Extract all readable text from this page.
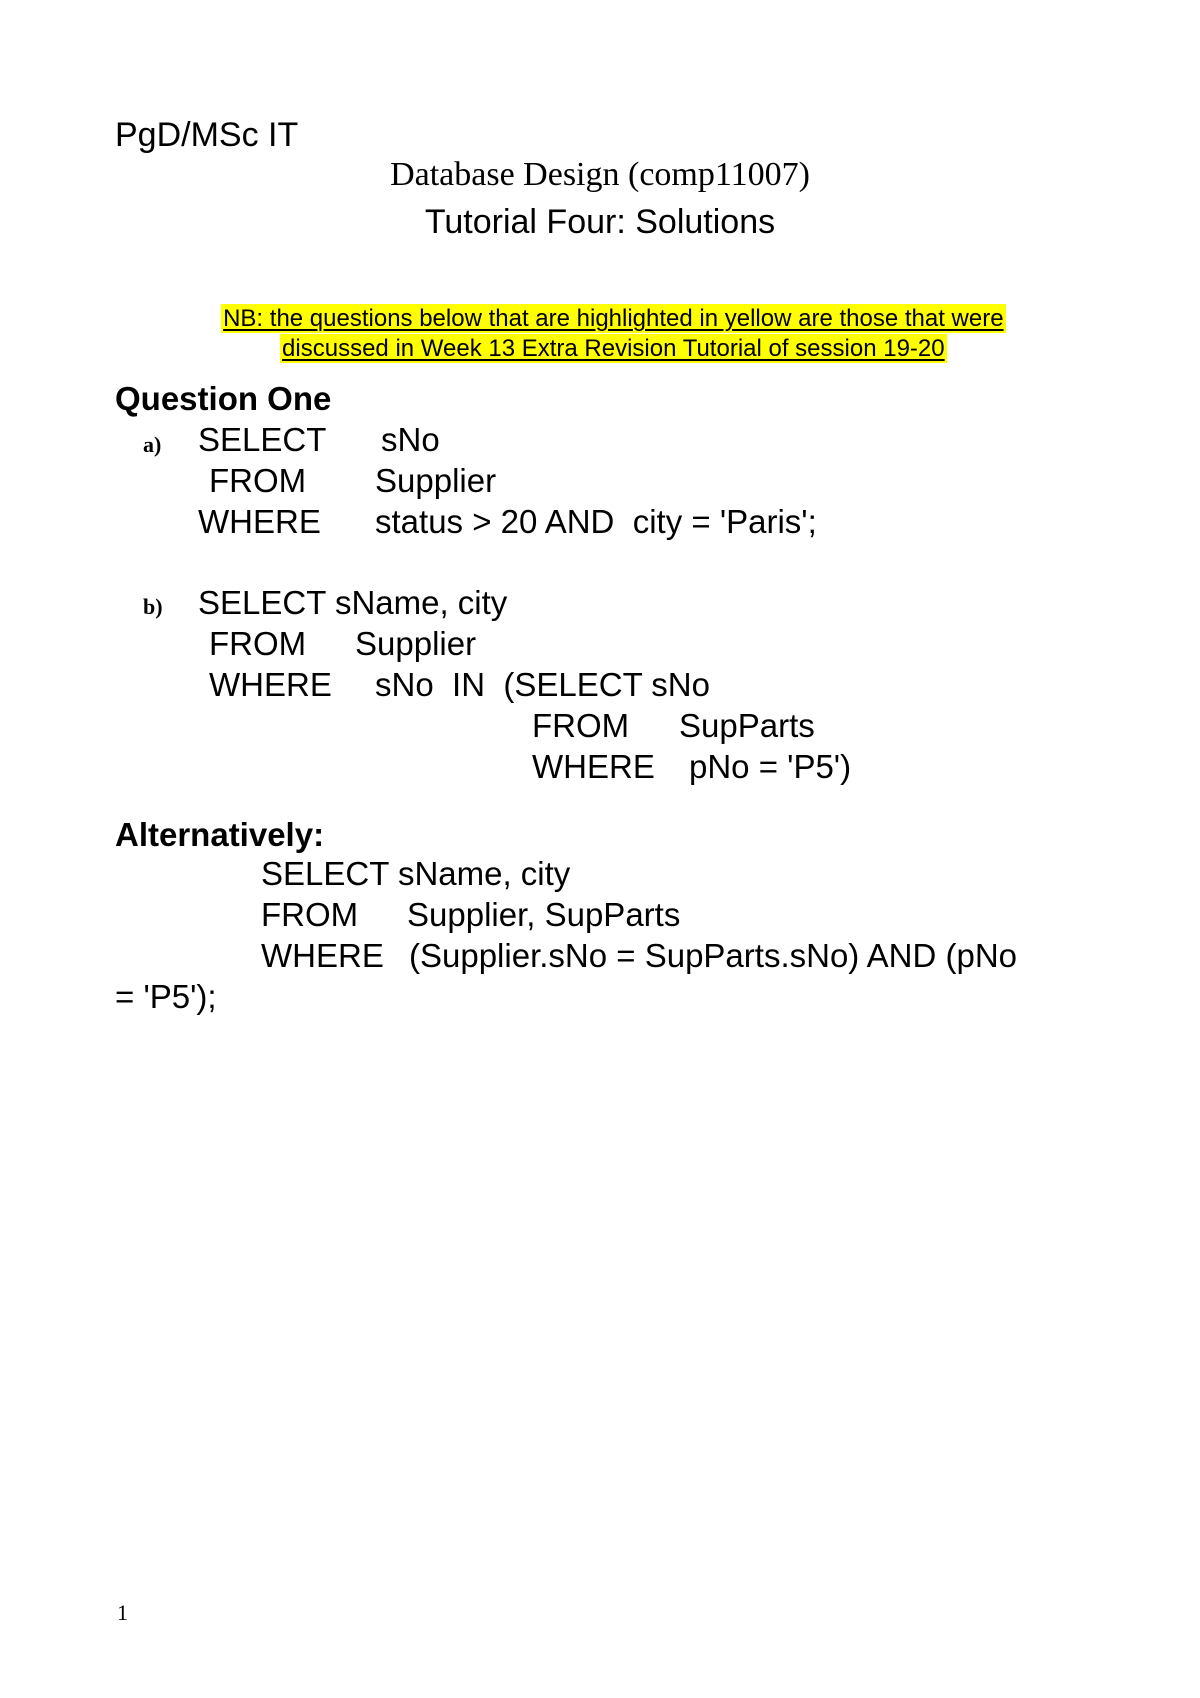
PgD/MSc IT
Database Design (comp11007)
Tutorial Four: Solutions

NB: the questions below that are highlighted in yellow are those that were

discussed in Week 13 Extra Revision Tutorial of session 19-20

Question One
a) SELECT sNo
FROM Supplier
WHERE status > 20 AND  city = 'Paris';
b) SELECT sName, city
FROM Supplier
WHERE sNo  IN  (SELECT sNo
FROM SupParts
WHERE pNo = 'P5')
Alternatively:
SELECT sName, city
FROM Supplier, SupParts
WHERE (Supplier.sNo = SupParts.sNo) AND (pNo
= 'P5');
1
